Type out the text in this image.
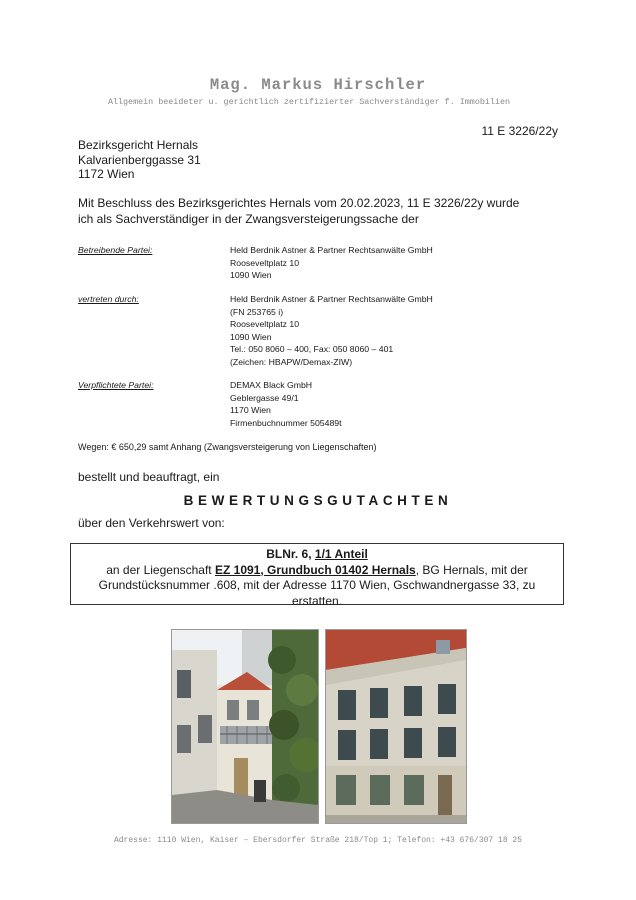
Mag. Markus Hirschler
Allgemein beeideter u. gerichtlich zertifizierter Sachverständiger f. Immobilien
11 E 3226/22y
Bezirksgericht Hernals
Kalvarienberggasse 31
1172 Wien
Mit Beschluss des Bezirksgerichtes Hernals vom 20.02.2023, 11 E 3226/22y wurde
ich als Sachverständiger in der Zwangsversteigerungssache der
Betreibende Partei:	Held Berdnik Astner & Partner Rechtsanwälte GmbH
Rooseveltplatz 10
1090 Wien
vertreten durch:	Held Berdnik Astner & Partner Rechtsanwälte GmbH
(FN 253765 i)
Rooseveltplatz 10
1090 Wien
Tel.: 050 8060 – 400, Fax: 050 8060 – 401
(Zeichen: HBAPW/Demax-ZIW)
Verpflichtete Partei:	DEMAX Black GmbH
Geblergasse 49/1
1170 Wien
Firmenbuchnummer 505489t
Wegen: € 650,29 samt Anhang (Zwangsversteigerung von Liegenschaften)
bestellt und beauftragt, ein
BEWERTUNGSGUTACHTEN
über den Verkehrswert von:
BLNr. 6, 1/1 Anteil
an der Liegenschaft EZ 1091, Grundbuch 01402 Hernals, BG Hernals, mit der
Grundstücksnummer .608, mit der Adresse 1170 Wien, Gschwandnergasse 33, zu
erstatten.
Adresse: 1110 Wien, Kaiser – Ebersdorfer Straße 218/Top 1; Telefon: +43 676/307 18 25
